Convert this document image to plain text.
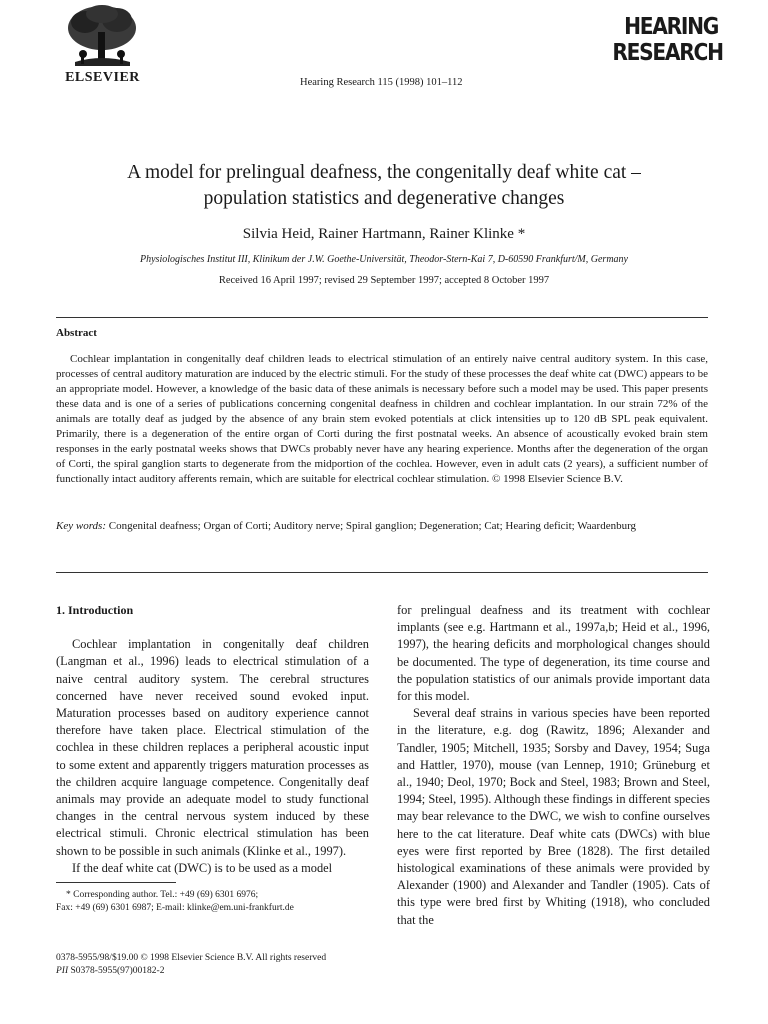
ELSEVIER	Hearing Research 115 (1998) 101–112
HEARING
RESEARCH
A model for prelingual deafness, the congenitally deaf white cat –
population statistics and degenerative changes
Silvia Heid, Rainer Hartmann, Rainer Klinke *
Physiologisches Institut III, Klinikum der J.W. Goethe-Universität, Theodor-Stern-Kai 7, D-60590 Frankfurt/M, Germany
Received 16 April 1997; revised 29 September 1997; accepted 8 October 1997
Abstract

Cochlear implantation in congenitally deaf children leads to electrical stimulation of an entirely naive central auditory system. In this case, processes of central auditory maturation are induced by the electric stimuli. For the study of these processes the deaf white cat (DWC) appears to be an appropriate model. However, a knowledge of the basic data of these animals is necessary before such a model may be used. This paper presents these data and is one of a series of publications concerning congenital deafness in children and cochlear implantation. In our strain 72% of the animals are totally deaf as judged by the absence of any brain stem evoked potentials at click intensities up to 120 dB SPL peak equivalent. Primarily, there is a degeneration of the entire organ of Corti during the first postnatal weeks. An absence of acoustically evoked brain stem responses in the early postnatal weeks shows that DWCs probably never have any hearing experience. Months after the degeneration of the organ of Corti, the spiral ganglion starts to degenerate from the midportion of the cochlea. However, even in adult cats (2 years), a sufficient number of functionally intact auditory afferents remain, which are suitable for electrical cochlear stimulation. © 1998 Elsevier Science B.V.

Key words: Congenital deafness; Organ of Corti; Auditory nerve; Spiral ganglion; Degeneration; Cat; Hearing deficit; Waardenburg

1. Introduction

Cochlear implantation in congenitally deaf children (Langman et al., 1996) leads to electrical stimulation of a naive central auditory system. The cerebral structures concerned have never received sound evoked input. Maturation processes based on auditory experience cannot therefore have taken place. Electrical stimulation of the cochlea in these children replaces a peripheral acoustic input to some extent and apparently triggers maturation processes as the children acquire language competence. Congenitally deaf animals may provide an adequate model to study functional changes in the central nervous system induced by these electrical stimuli. Chronic electrical stimulation has been shown to be possible in such animals (Klinke et al., 1997).

If the deaf white cat (DWC) is to be used as a model

for prelingual deafness and its treatment with cochlear implants (see e.g. Hartmann et al., 1997a,b; Heid et al., 1996, 1997), the hearing deficits and morphological changes should be documented. The type of degeneration, its time course and the population statistics of our animals provide important data for this model.

Several deaf strains in various species have been reported in the literature, e.g. dog (Rawitz, 1896; Alexander and Tandler, 1905; Mitchell, 1935; Sorsby and Davey, 1954; Suga and Hattler, 1970), mouse (van Lennep, 1910; Grüneburg et al., 1940; Deol, 1970; Bock and Steel, 1983; Brown and Steel, 1994; Steel, 1995). Although these findings in different species may bear relevance to the DWC, we wish to confine ourselves here to the cat literature. Deaf white cats (DWCs) with blue eyes were first reported by Bree (1828). The first detailed histological examinations of these animals were provided by Alexander (1900) and Alexander and Tandler (1905). Cats of this type were bred first by Whiting (1918), who concluded that the

* Corresponding author. Tel.: +49 (69) 6301 6976;
Fax: +49 (69) 6301 6987; E-mail: klinke@em.uni-frankfurt.de
0378-5955/98/$19.00 © 1998 Elsevier Science B.V. All rights reserved
PII S0378-5955(97)00182-2
